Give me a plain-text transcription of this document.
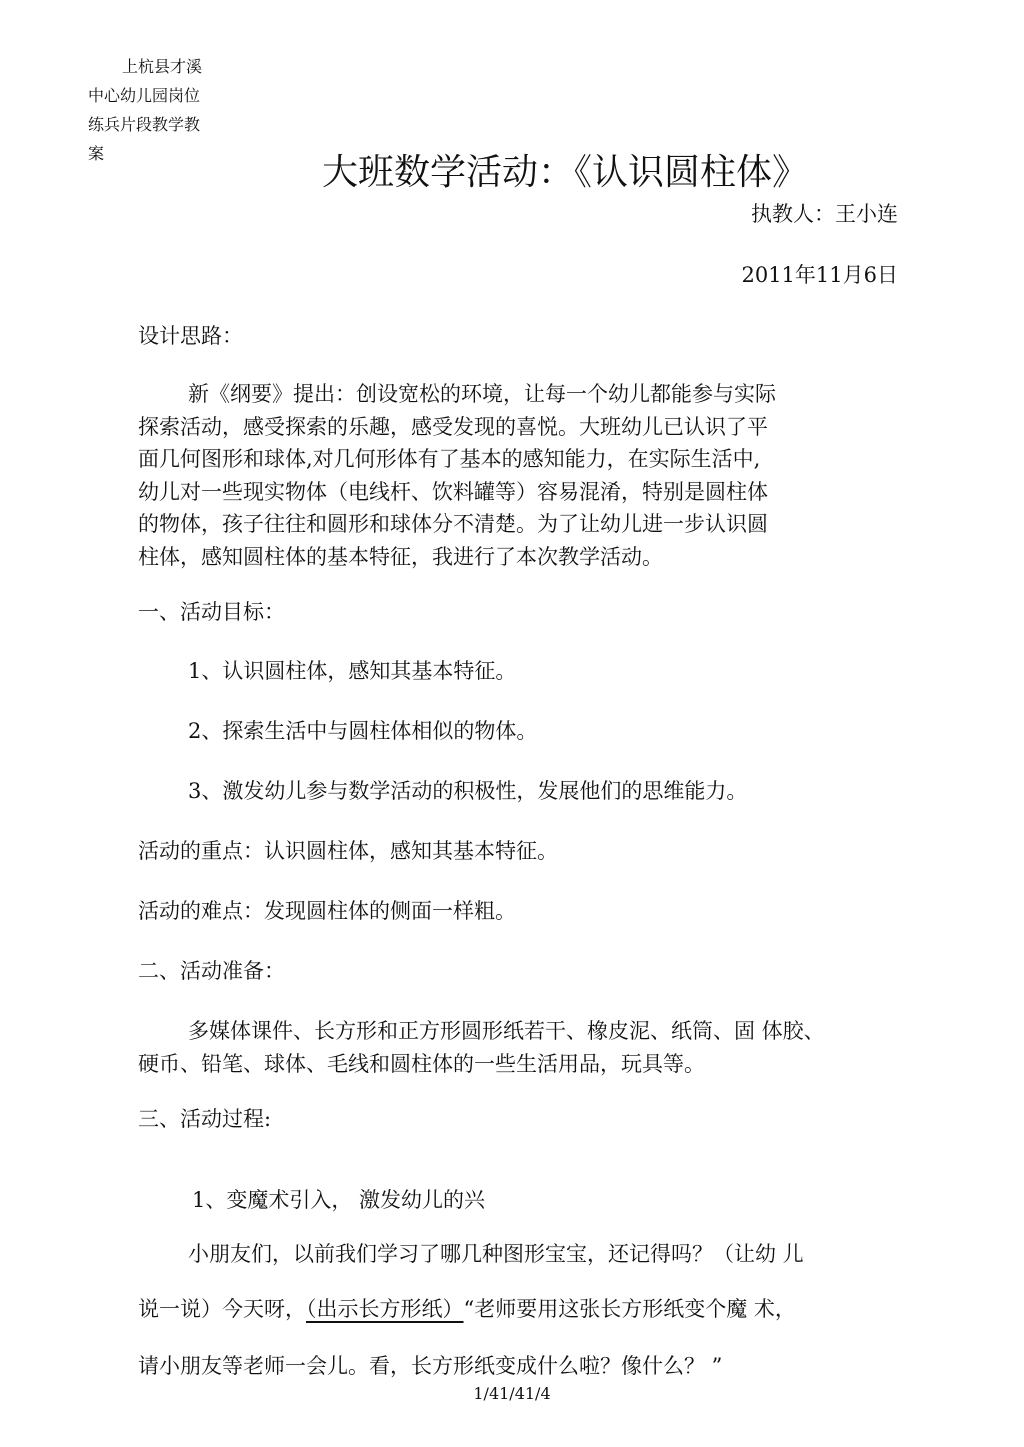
上杭县才溪
中心幼儿园岗位
练兵片段教学教
案	大班数学活动：《认识圆柱体》
执教人：王小连
2011年11月6日
设计思路：
新《纲要》提出：创设宽松的环境，让每一个幼儿都能参与实际
探索活动，感受探索的乐趣，感受发现的喜悦。大班幼儿已认识了平
面几何图形和球体,对几何形体有了基本的感知能力，在实际生活中,
幼儿对一些现实物体（电线杆、饮料罐等）容易混淆，特别是圆柱体
的物体，孩子往往和圆形和球体分不清楚。为了让幼儿进一步认识圆
柱体，感知圆柱体的基本特征，我进行了本次教学活动。
一、活动目标：
1、认识圆柱体，感知其基本特征。
2、探索生活中与圆柱体相似的物体。
3、激发幼儿参与数学活动的积极性，发展他们的思维能力。
活动的重点：认识圆柱体，感知其基本特征。
活动的难点：发现圆柱体的侧面一样粗。
二、活动准备：
多媒体课件、长方形和正方形圆形纸若干、橡皮泥、纸筒、固 体胶、
硬币、铅笔、球体、毛线和圆柱体的一些生活用品，玩具等。
三、活动过程:
1、变魔术引入， 激发幼儿的兴
小朋友们，以前我们学习了哪几种图形宝宝，还记得吗？（让幼 儿
说一说）今天呀，（出示长方形纸）“老师要用这张长方形纸变个魔 术，
请小朋友等老师一会儿。看，长方形纸变成什么啦？像什么？ ”
1/41/41/4
